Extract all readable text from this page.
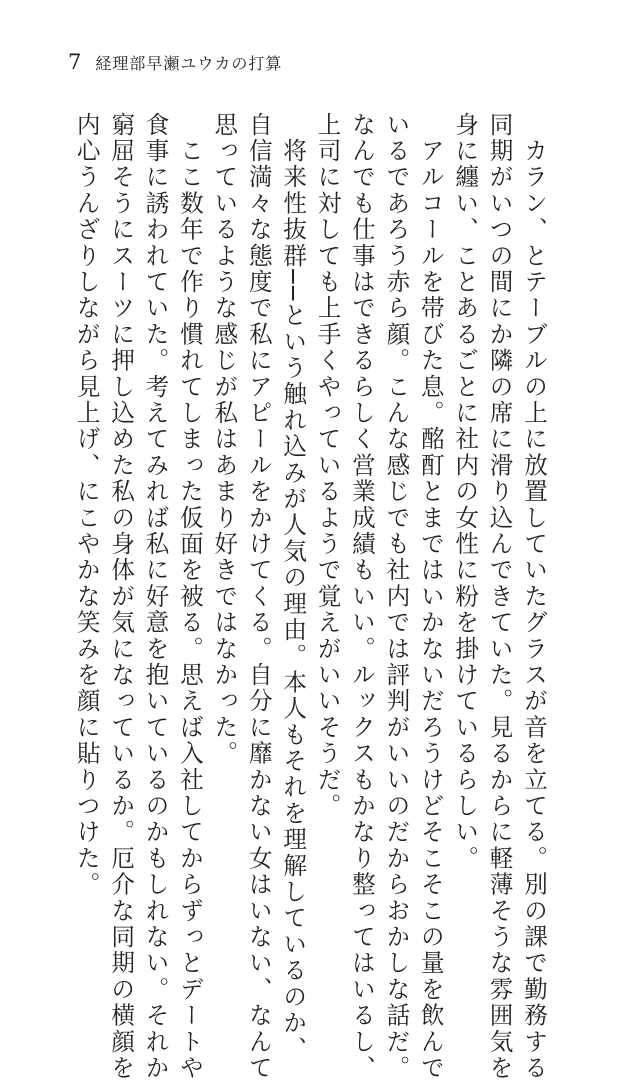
7 経理部早瀬ユウカの打算
　カラン、とテーブルの上に放置していたグラスが音を立てる。別の課で勤務する
同期がいつの間にか隣の席に滑り込んできていた。見るからに軽薄そうな雰囲気を
身に纏い、ことあるごとに社内の女性に粉を掛けているらしい。
　アルコールを帯びた息。酩酊とまではいかないだろうけどそこそこの量を飲んで
いるであろう赤ら顔。こんな感じでも社内では評判がいいのだからおかしな話だ。
なんでも仕事はできるらしく営業成績もいい。ルックスもかなり整ってはいるし、
上司に対しても上手くやっているようで覚えがいいそうだ。
　将来性抜群──という触れ込みが人気の理由。本人もそれを理解しているのか、
自信満々な態度で私にアピールをかけてくる。自分に靡かない女はいない、なんて
思っているような感じが私はあまり好きではなかった。
　ここ数年で作り慣れてしまった仮面を被る。思えば入社してからずっとデートや
食事に誘われていた。考えてみれば私に好意を抱いているのかもしれない。それか
窮屈そうにスーツに押し込めた私の身体が気になっているか。厄介な同期の横顔を
内心うんざりしながら見上げ、にこやかな笑みを顔に貼りつけた。
